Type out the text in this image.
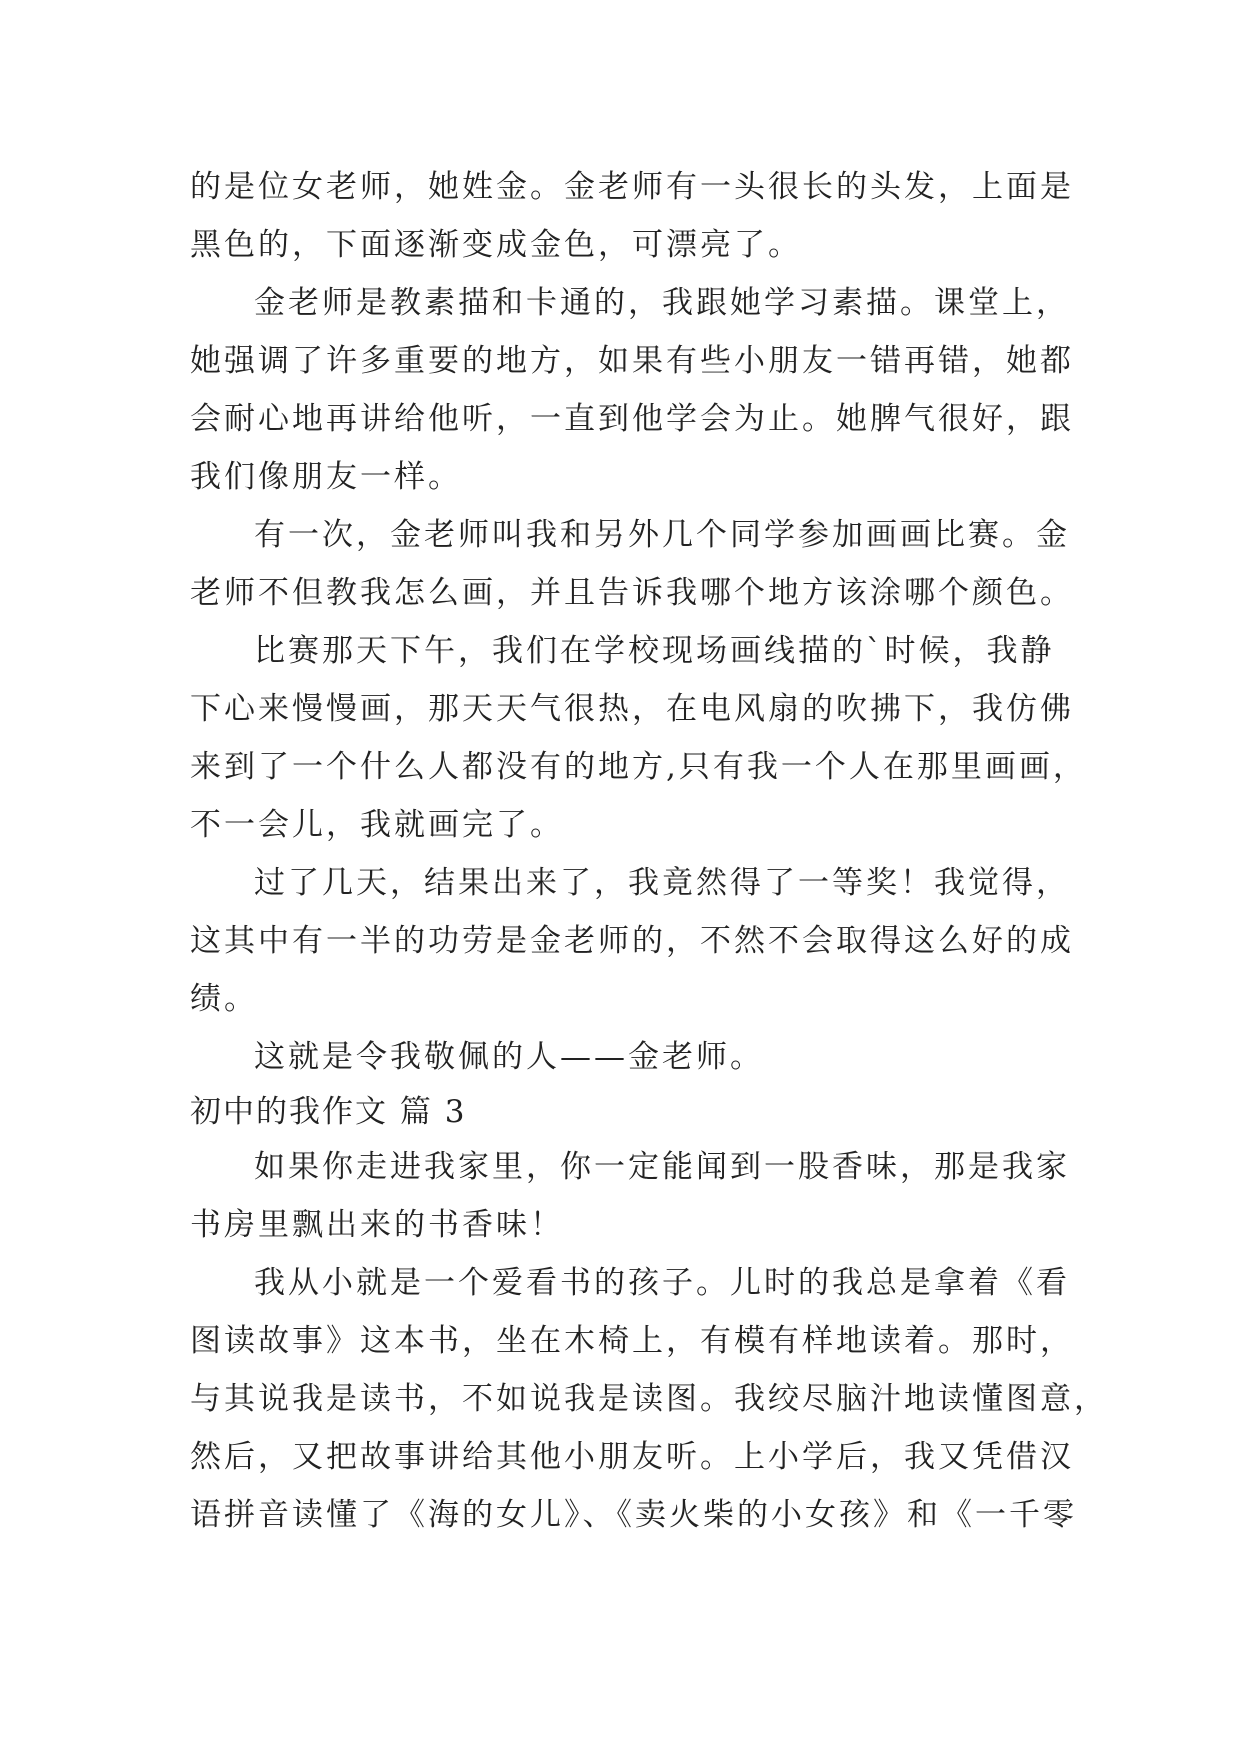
的是位女老师，她姓金。金老师有一头很长的头发，上面是
黑色的，下面逐渐变成金色，可漂亮了。
金老师是教素描和卡通的，我跟她学习素描。课堂上，
她强调了许多重要的地方，如果有些小朋友一错再错，她都
会耐心地再讲给他听，一直到他学会为止。她脾气很好，跟
我们像朋友一样。
有一次，金老师叫我和另外几个同学参加画画比赛。金
老师不但教我怎么画，并且告诉我哪个地方该涂哪个颜色。
比赛那天下午，我们在学校现场画线描的`时候，我静
下心来慢慢画，那天天气很热，在电风扇的吹拂下，我仿佛
来到了一个什么人都没有的地方,只有我一个人在那里画画，
不一会儿，我就画完了。
过了几天，结果出来了，我竟然得了一等奖！我觉得，
这其中有一半的功劳是金老师的，不然不会取得这么好的成
绩。
这就是令我敬佩的人——金老师。
初中的我作文 篇 3
如果你走进我家里，你一定能闻到一股香味，那是我家
书房里飘出来的书香味！
我从小就是一个爱看书的孩子。儿时的我总是拿着《看
图读故事》这本书，坐在木椅上，有模有样地读着。那时，
与其说我是读书，不如说我是读图。我绞尽脑汁地读懂图意，
然后，又把故事讲给其他小朋友听。上小学后，我又凭借汉
语拼音读懂了《海的女儿》、《卖火柴的小女孩》和《一千零
